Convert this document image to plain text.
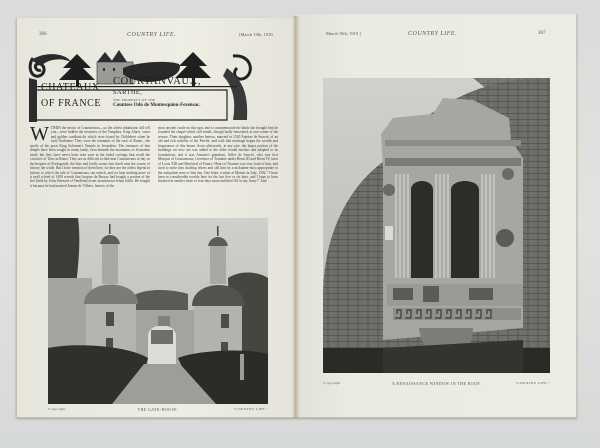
366	COUNTRY LIFE.	[March 19th, 1910.
CHATEAUX
OF FRANCE
COURTANVAUX,
SARTHE,
THE PROPERTY OF THE
Countess Odo de Montesquiou-Fezensac.
W ITHIN the moats of Courtanvaux—so the oldest inhabitant will tell you—were hidden the treasures of the Templars, King Alaric, vases and golden candlesticks which were found by Childebert when he took Narbonne. They were the remnants of the sack of Rome—the spoils of the great King Solomon's Temple in Jerusalem. The treasures of that temple have been sought in many lands, even beneath the mountains of Jerusalem itself; but they have never been seen save in the faded carvings that recall the victories of Titus in Rome. They are as difficult to find near Courtanvaux to-day as the bequest of Fredegonde, the blue and lordly stones that dwelt near the course of history the while. But I have mention of them here, for they are the oldest legend in history to which the tale of Courtanvaux can stretch, and we hear nothing more of it until a deed of 1490 reveals that Jacques de Bessay had bought a portion of the fief (held by John, Bernard of Vendôme) from an unknown Jehan Gillet. He bought it because he had married Jeanne de Villiers, heiress of the
most ancient castle on this spot, and to commemorate the lands she brought him he founded the chapel which still stands, though badly renovated, at one corner of the terrace. Their daughter, another heiress, married in 1520 Antoine de Souvré, of an old and rich nobility of the Perche, and with that marriage began the wealth and importance of this house. Soon afterwards, at any rate, the larger portion of the buildings we now see was added to the older feudal nucleus and adapted to its foundations; and it was Antoine's grandson, Gilles de Souvré, who was first Marquis of Courtanvaux, Governor of Touraine under Henri III and Henri IV, tutor of Louis XIII and Maréchal of France. Henri of Navarre was very fond of him, and used to write him chaffing letters and call him by a nickname most appropriate to the outspoken men of that day. One letter, written at Mantes in July, 1592: "I have been in considerable trouble here for the last five or six days, and I hope to have finished in another three or four days more and then Off to my Army!" And
Copyright	THE GATE-HOUSE.	"COUNTRY LIFE."
March 19th, 1910.]	COUNTRY LIFE.	367
Copyright	A RENAISSANCE WINDOW IN THE ROOF.	"COUNTRY LIFE."
